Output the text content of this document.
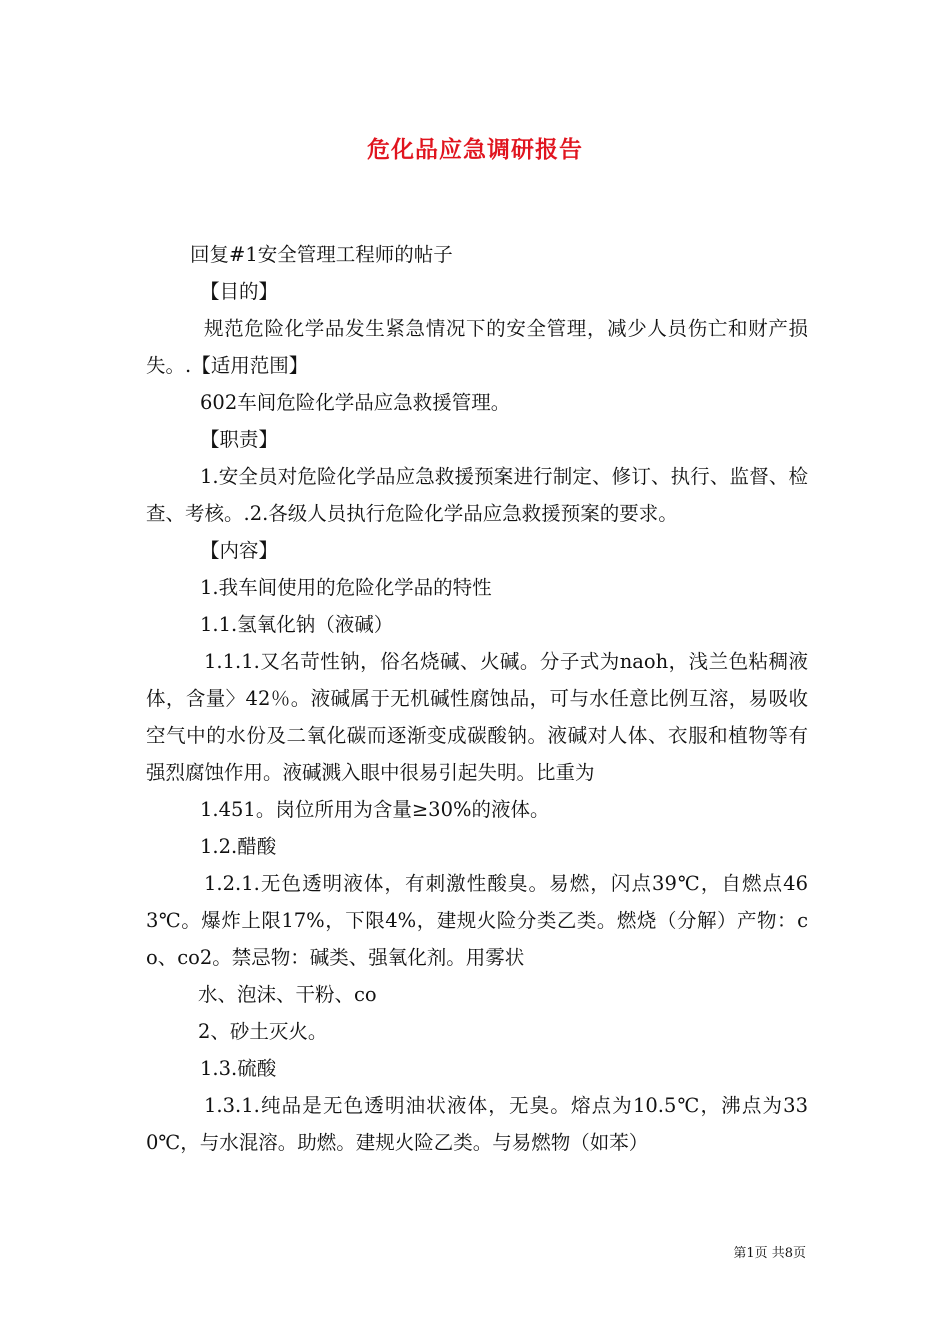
危化品应急调研报告

回复#1安全管理工程师的帖子

【目的】

规范危险化学品发生紧急情况下的安全管理，减少人员伤亡和财产损失。.【适用范围】

602车间危险化学品应急救援管理。

【职责】

1.安全员对危险化学品应急救援预案进行制定、修订、执行、监督、检查、考核。.2.各级人员执行危险化学品应急救援预案的要求。

【内容】

1.我车间使用的危险化学品的特性

1.1.氢氧化钠（液碱）

1.1.1.又名苛性钠，俗名烧碱、火碱。分子式为naoh，浅兰色粘稠液体，含量〉42％。液碱属于无机碱性腐蚀品，可与水任意比例互溶，易吸收空气中的水份及二氧化碳而逐渐变成碳酸钠。液碱对人体、衣服和植物等有强烈腐蚀作用。液碱溅入眼中很易引起失明。比重为

1.451。岗位所用为含量≥30%的液体。

1.2.醋酸

1.2.1.无色透明液体，有刺激性酸臭。易燃，闪点39℃，自燃点463℃。爆炸上限17%，下限4%，建规火险分类乙类。燃烧（分解）产物：co、co2。禁忌物：碱类、强氧化剂。用雾状

水、泡沫、干粉、co

2、砂土灭火。

1.3.硫酸

1.3.1.纯品是无色透明油状液体，无臭。熔点为10.5℃，沸点为330℃，与水混溶。助燃。建规火险乙类。与易燃物（如苯）

第1页 共8页
